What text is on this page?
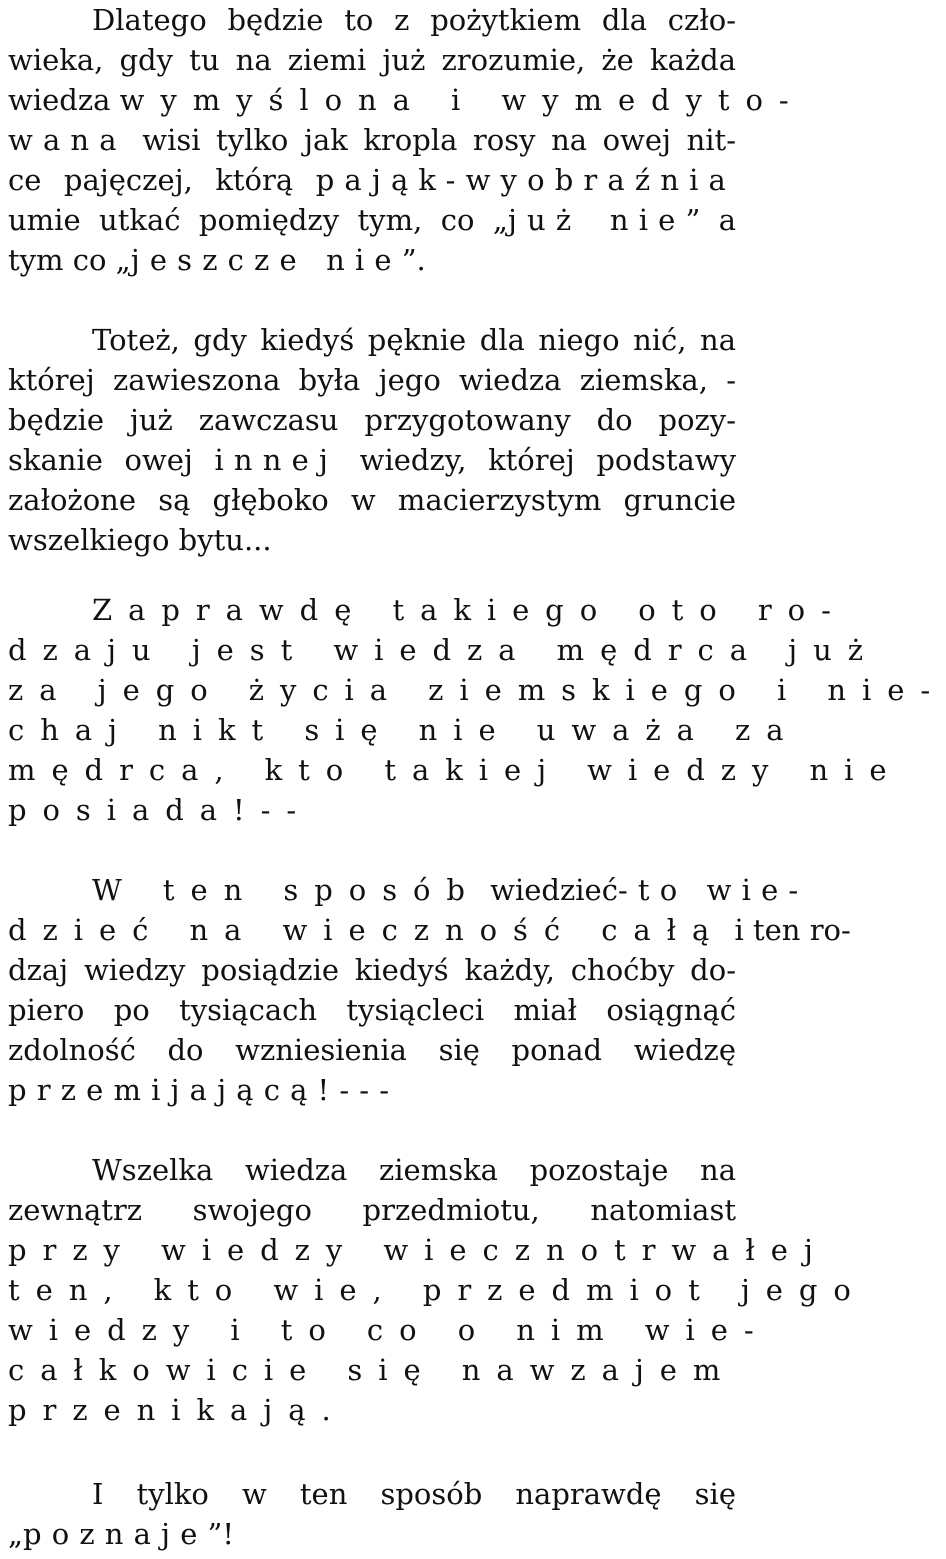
Dlatego będzie to z pożytkiem dla czło-
wieka, gdy tu na ziemi już zrozumie, że każda
wiedza wymyślona i wymedyto-
wana wisi tylko jak kropla rosy na owej nit-
ce pajęczej, którą pająk-wyobraźnia
umie utkać pomiędzy tym, co „już nie” a
tym co „jeszcze nie”.
Toteż, gdy kiedyś pęknie dla niego nić, na
której zawieszona była jego wiedza ziemska, -
będzie już zawczasu przygotowany do pozy-
skanie owej innej wiedzy, której podstawy
założone są głęboko w macierzystym gruncie
wszelkiego bytu...
Zaprawdę takiego oto ro-
dzaju jest wiedza mędrca już
za jego życia ziemskiego i nie-
chaj nikt się nie uważa za
mędrca, kto takiej wiedzy nie
posiada!--
W ten sposób wiedzieć-to wie-
dzieć na wieczność całą i ten ro-
dzaj wiedzy posiądzie kiedyś każdy, choćby do-
piero po tysiącach tysiącleci miał osiągnąć
zdolność do wzniesienia się ponad wiedzę
przemijającą!---
Wszelka wiedza ziemska pozostaje na
zewnątrz swojego przedmiotu, natomiast
przy wiedzy wiecznotrwałej
ten, kto wie, przedmiot jego
wiedzy i to co o nim wie-
całkowicie się nawzajem
przenikają.
I tylko w ten sposób naprawdę się
„poznaje”!
